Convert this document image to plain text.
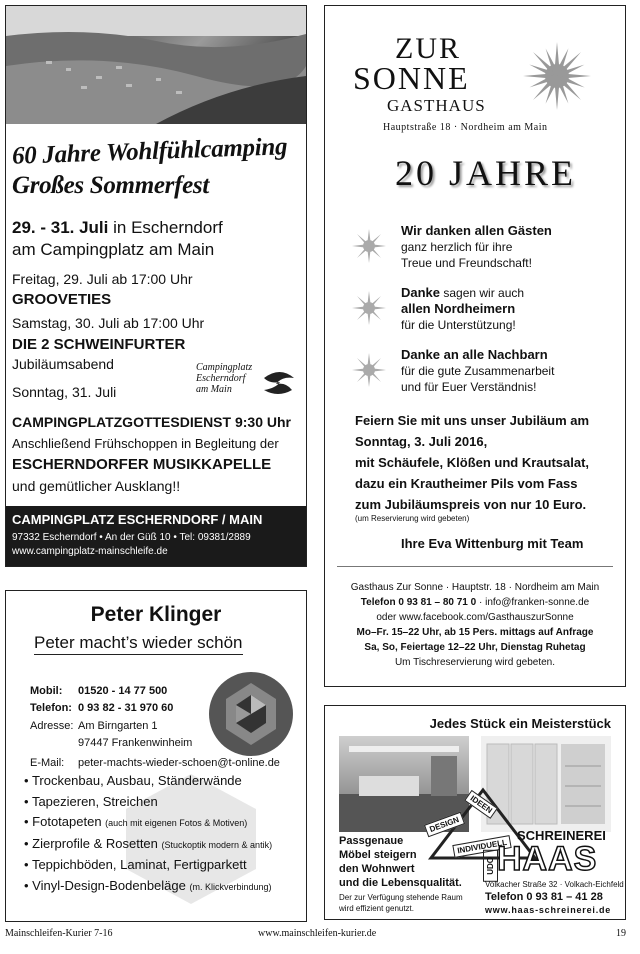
60 Jahre Wohlfühlcamping
Großes Sommerfest
29. - 31. Juli in Escherndorf
am Campingplatz am Main
Freitag, 29. Juli ab 17:00 Uhr
GROOVETIES
Samstag, 30. Juli ab 17:00 Uhr
DIE 2 SCHWEINFURTER
Jubiläumsabend
Sonntag, 31. Juli
Campingplatz
Escherndorf
am Main
CAMPINGPLATZGOTTESDIENST 9:30 Uhr
Anschließend Frühschoppen in Begleitung der
ESCHERNDORFER MUSIKKAPELLE
und gemütlicher Ausklang!!
CAMPINGPLATZ ESCHERNDORF / MAIN
97332 Escherndorf • An der Güß 10 • Tel: 09381/2889
www.campingplatz-mainschleife.de
ZUR
SONNE
GASTHAUS
Hauptstraße 18 · Nordheim am Main
20 JAHRE
Wir danken allen Gästen
ganz herzlich für ihre
Treue und Freundschaft!
Danke sagen wir auch
allen Nordheimern
für die Unterstützung!
Danke an alle Nachbarn
für die gute Zusammenarbeit
und für Euer Verständnis!
Feiern Sie mit uns unser Jubiläum am
Sonntag, 3. Juli 2016,
mit Schäufele, Klößen und Krautsalat,
dazu ein Krautheimer Pils vom Fass
zum Jubiläumspreis von nur 10 Euro.
(um Reservierung wird gebeten)
Ihre Eva Wittenburg mit Team
Gasthaus Zur Sonne · Hauptstr. 18 · Nordheim am Main
Telefon 0 93 81 – 80 71 0 · info@franken-sonne.de
oder www.facebook.com/GasthauszurSonne
Mo–Fr. 15–22 Uhr, ab 15 Pers. mittags auf Anfrage
Sa, So, Feiertage 12–22 Uhr, Dienstag Ruhetag
Um Tischreservierung wird gebeten.
Peter Klinger
Peter macht’s wieder schön
Mobil: 01520 - 14 77 500
Telefon: 0 93 82 - 31 970 60
Adresse: Am Birngarten 1
97447 Frankenwinheim
E-Mail: peter-machts-wieder-schoen@t-online.de
• Trockenbau, Ausbau, Ständerwände
• Tapezieren, Streichen
• Fototapeten (auch mit eigenen Fotos & Motiven)
• Zierprofile & Rosetten (Stuckoptik modern & antik)
• Teppichböden, Laminat, Fertigparkett
• Vinyl-Design-Bodenbeläge (m. Klickverbindung)
Jedes Stück ein Meisterstück
IDEEN
DESIGN
INDIVIDUELL
Passgenaue
Möbel steigern
den Wohnwert
und die Lebensqualität.
Der zur Verfügung stehende Raum
wird effizient genutzt.
SCHREINEREI
UDO HAAS
Volkacher Straße 32 · Volkach-Eichfeld
Telefon 0 93 81 – 41 28
www.haas-schreinerei.de
Mainschleifen-Kurier 7-16	www.mainschleifen-kurier.de	19
